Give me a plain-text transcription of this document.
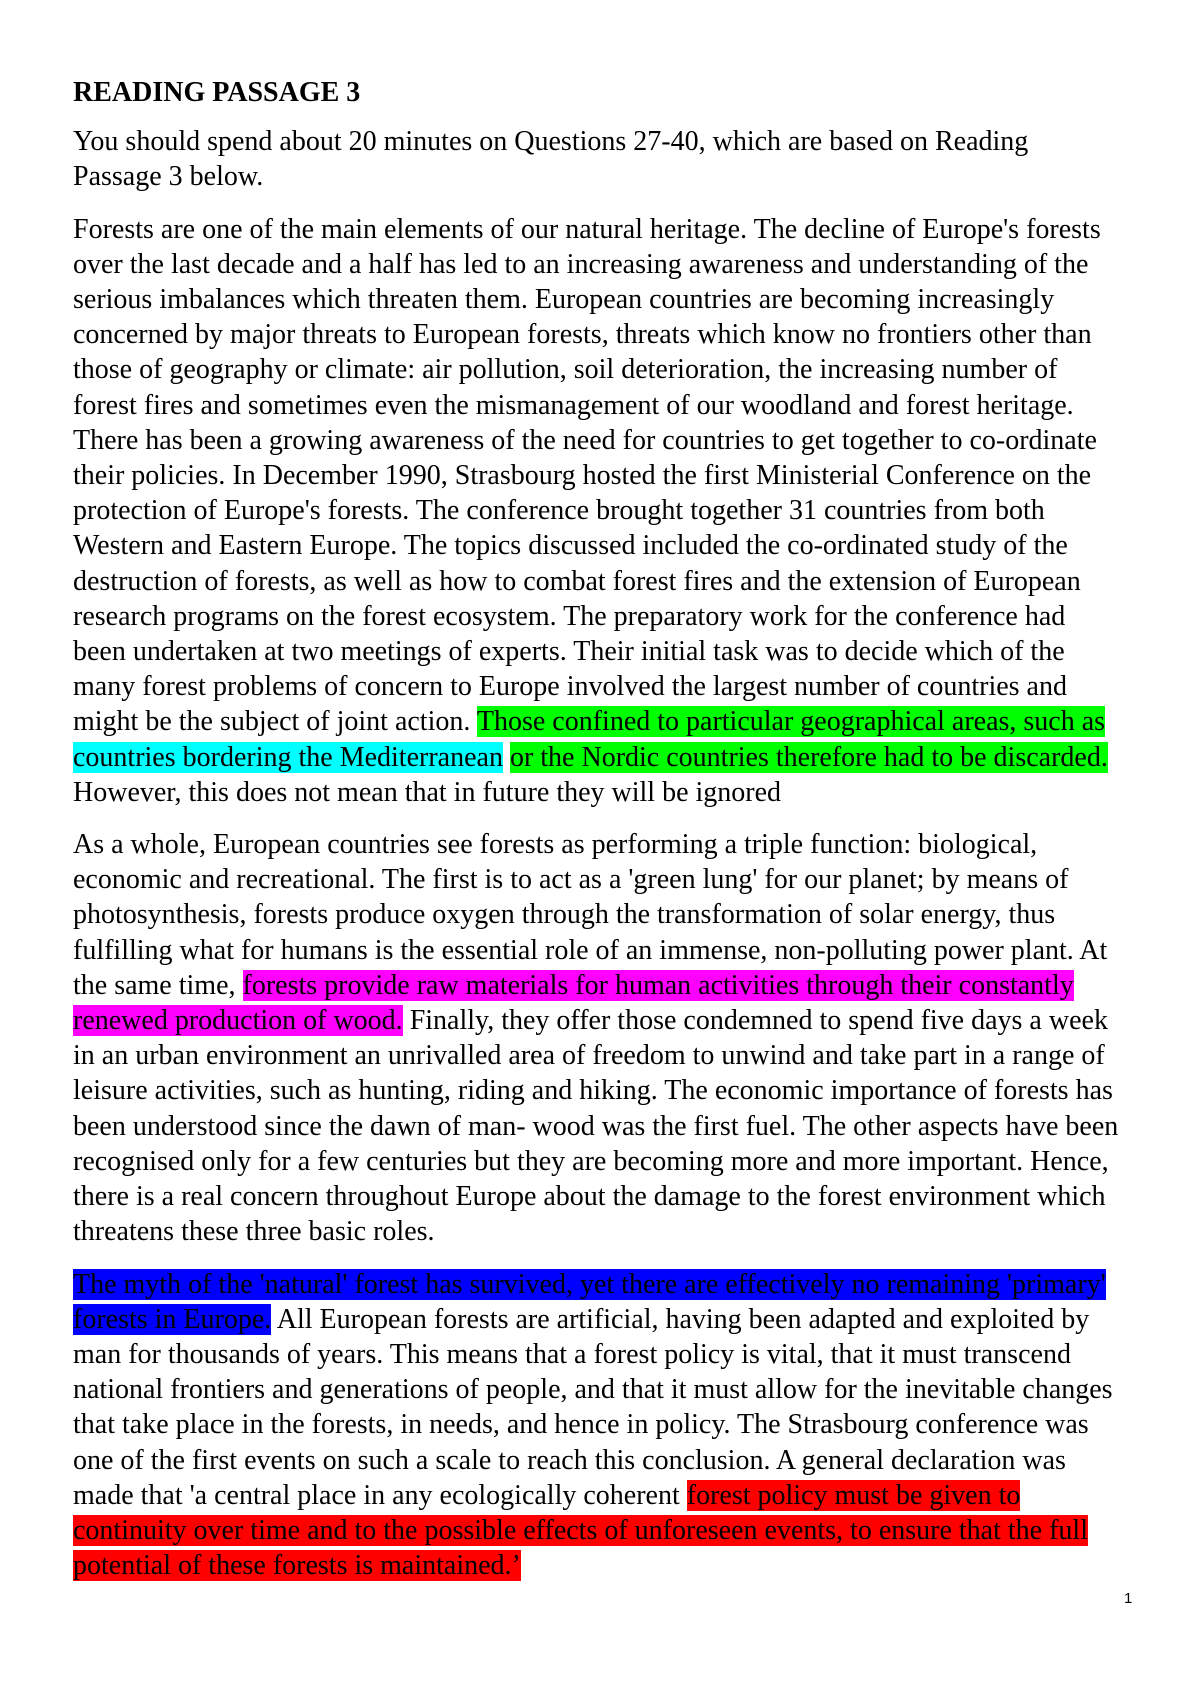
READING PASSAGE 3
You should spend about 20 minutes on Questions 27-40, which are based on Reading
Passage 3 below.
Forests are one of the main elements of our natural heritage. The decline of Europe's forests
over the last decade and a half has led to an increasing awareness and understanding of the
serious imbalances which threaten them. European countries are becoming increasingly
concerned by major threats to European forests, threats which know no frontiers other than
those of geography or climate: air pollution, soil deterioration, the increasing number of
forest fires and sometimes even the mismanagement of our woodland and forest heritage.
There has been a growing awareness of the need for countries to get together to co-ordinate
their policies. In December 1990, Strasbourg hosted the first Ministerial Conference on the
protection of Europe's forests. The conference brought together 31 countries from both
Western and Eastern Europe. The topics discussed included the co-ordinated study of the
destruction of forests, as well as how to combat forest fires and the extension of European
research programs on the forest ecosystem. The preparatory work for the conference had
been undertaken at two meetings of experts. Their initial task was to decide which of the
many forest problems of concern to Europe involved the largest number of countries and
might be the subject of joint action. Those confined to particular geographical areas, such as
countries bordering the Mediterranean or the Nordic countries therefore had to be discarded.
However, this does not mean that in future they will be ignored
As a whole, European countries see forests as performing a triple function: biological,
economic and recreational. The first is to act as a 'green lung' for our planet; by means of
photosynthesis, forests produce oxygen through the transformation of solar energy, thus
fulfilling what for humans is the essential role of an immense, non-polluting power plant. At
the same time, forests provide raw materials for human activities through their constantly
renewed production of wood. Finally, they offer those condemned to spend five days a week
in an urban environment an unrivalled area of freedom to unwind and take part in a range of
leisure activities, such as hunting, riding and hiking. The economic importance of forests has
been understood since the dawn of man- wood was the first fuel. The other aspects have been
recognised only for a few centuries but they are becoming more and more important. Hence,
there is a real concern throughout Europe about the damage to the forest environment which
threatens these three basic roles.
The myth of the 'natural' forest has survived, yet there are effectively no remaining 'primary'
forests in Europe. All European forests are artificial, having been adapted and exploited by
man for thousands of years. This means that a forest policy is vital, that it must transcend
national frontiers and generations of people, and that it must allow for the inevitable changes
that take place in the forests, in needs, and hence in policy. The Strasbourg conference was
one of the first events on such a scale to reach this conclusion. A general declaration was
made that 'a central place in any ecologically coherent forest policy must be given to
continuity over time and to the possible effects of unforeseen events, to ensure that the full
potential of these forests is maintained.’
1
